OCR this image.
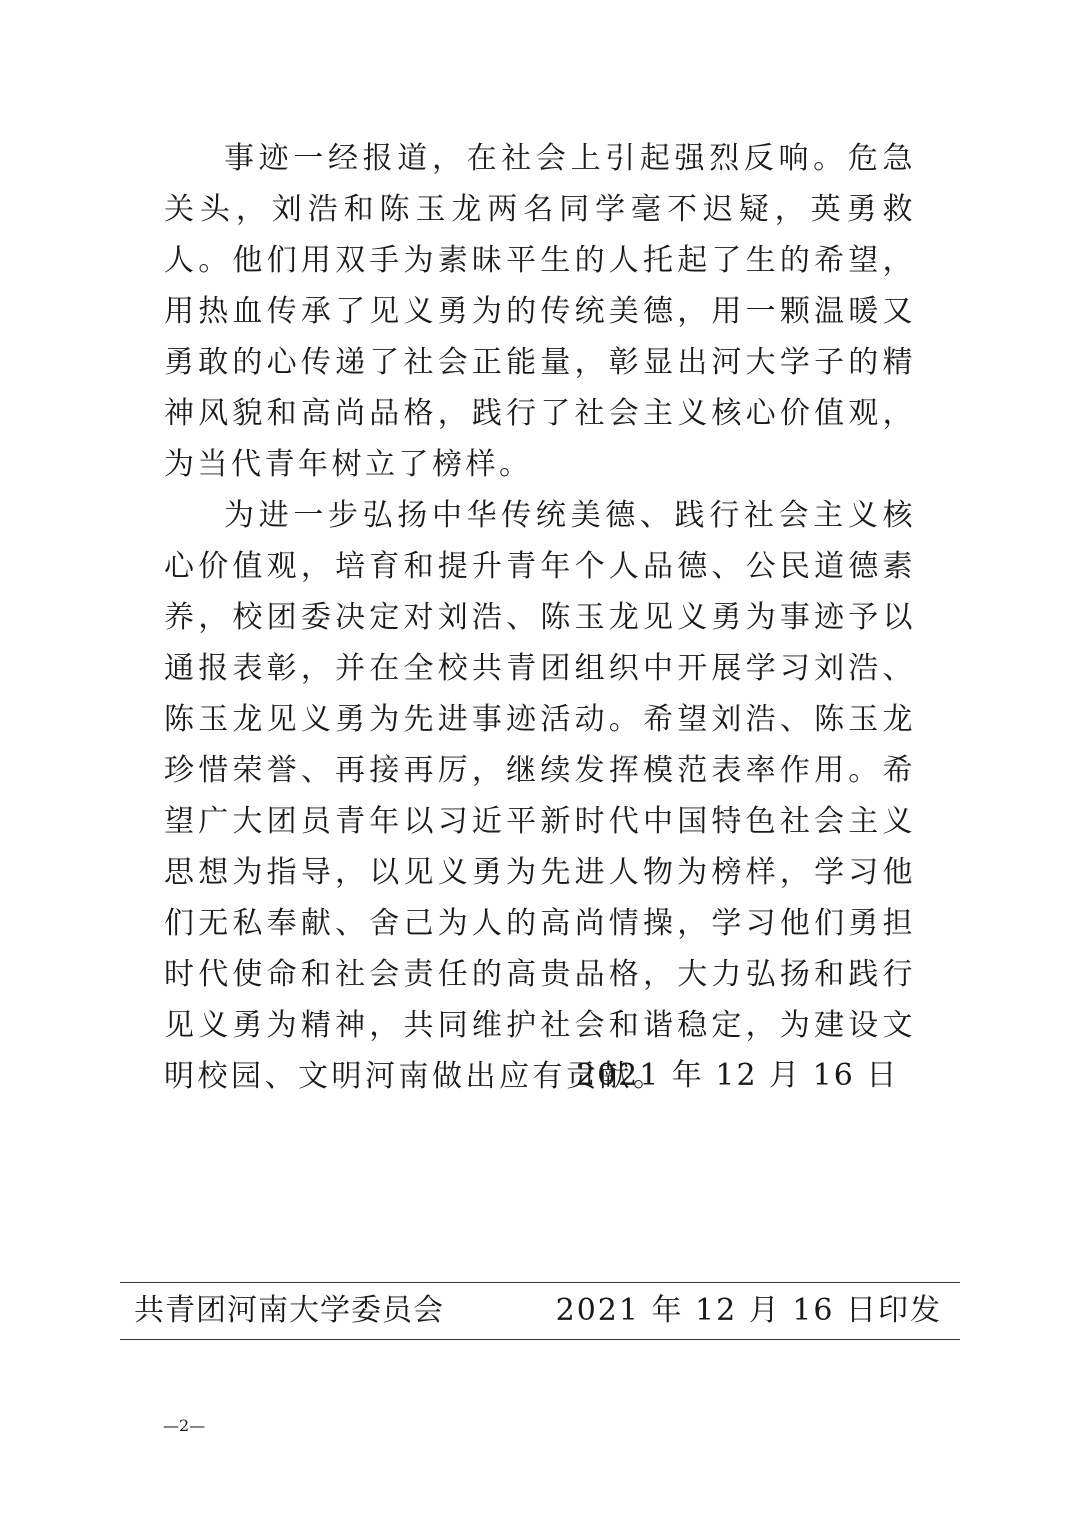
事迹一经报道，在社会上引起强烈反响。危急关头，刘浩和陈玉龙两名同学毫不迟疑，英勇救人。他们用双手为素昧平生的人托起了生的希望，用热血传承了见义勇为的传统美德，用一颗温暖又勇敢的心传递了社会正能量，彰显出河大学子的精神风貌和高尚品格，践行了社会主义核心价值观，为当代青年树立了榜样。

为进一步弘扬中华传统美德、践行社会主义核心价值观，培育和提升青年个人品德、公民道德素养，校团委决定对刘浩、陈玉龙见义勇为事迹予以通报表彰，并在全校共青团组织中开展学习刘浩、陈玉龙见义勇为先进事迹活动。希望刘浩、陈玉龙珍惜荣誉、再接再厉，继续发挥模范表率作用。希望广大团员青年以习近平新时代中国特色社会主义思想为指导，以见义勇为先进人物为榜样，学习他们无私奉献、舍己为人的高尚情操，学习他们勇担时代使命和社会责任的高贵品格，大力弘扬和践行见义勇为精神，共同维护社会和谐稳定，为建设文明校园、文明河南做出应有贡献。

2021 年 12 月 16 日
共青团河南大学委员会	2021 年 12 月 16 日印发
—2—
